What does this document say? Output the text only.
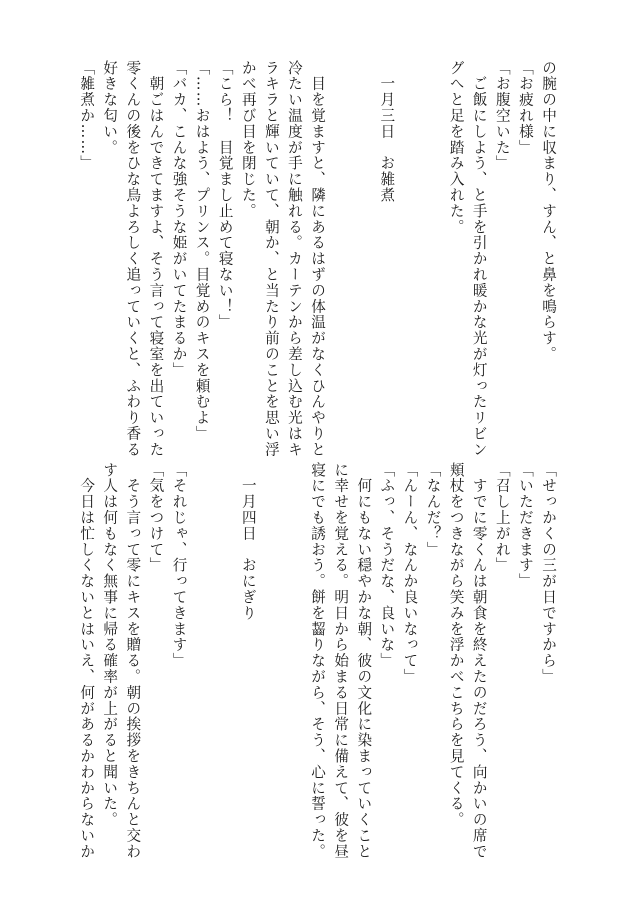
の腕の中に収まり、すん、と鼻を鳴らす。
「お疲れ様」
「お腹空いた」
　ご飯にしよう、と手を引かれ暖かな光が灯ったリビン
グへと足を踏み入れた。

　一月三日　お雑煮

　目を覚ますと、隣にあるはずの体温がなくひんやりと
冷たい温度が手に触れる。カーテンから差し込む光はキ
ラキラと輝いていて、朝か、と当たり前のことを思い浮
かべ再び目を閉じた。
「こら！　目覚まし止めて寝ない！」
「……おはよう、プリンス。目覚めのキスを頼むよ」
「バカ、こんな強そうな姫がいてたまるか」
　朝ごはんできてますよ、そう言って寝室を出ていった
零くんの後をひな鳥よろしく追っていくと、ふわり香る
好きな匂い。
「雑煮か……」
「せっかくの三が日ですから」
「いただきます」
「召し上がれ」
　すでに零くんは朝食を終えたのだろう、向かいの席で
頬杖をつきながら笑みを浮かべこちらを見てくる。
「なんだ？」
「んーん、なんか良いなって」
「ふっ、そうだな、良いな」
　何にもない穏やかな朝、彼の文化に染まっていくこと
に幸せを覚える。明日から始まる日常に備えて、彼を昼
寝にでも誘おう。餅を齧りながら、そう、心に誓った。

　一月四日　おにぎり

「それじゃ、行ってきます」
「気をつけて」
　そう言って零にキスを贈る。朝の挨拶をきちんと交わ
す人は何もなく無事に帰る確率が上がると聞いた。
　今日は忙しくないとはいえ、何があるかわからないか
